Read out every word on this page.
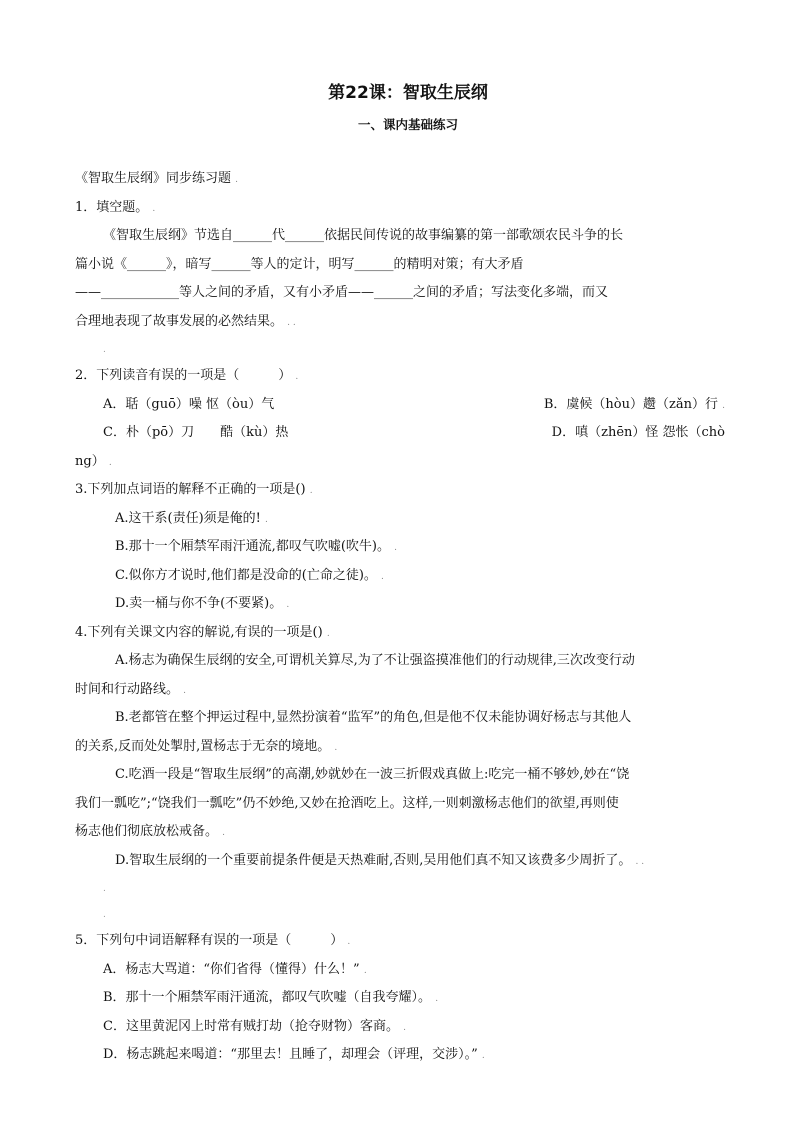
第22课：智取生辰纲
一、课内基础练习
《智取生辰纲》同步练习题 .
1．填空题。 .
《智取生辰纲》节选自______代______依据民间传说的故事编纂的第一部歌颂农民斗争的长
篇小说《______》，暗写______等人的定计，明写______的精明对策；有大矛盾
——____________等人之间的矛盾，又有小矛盾——______之间的矛盾；写法变化多端，而又
合理地表现了故事发展的必然结果。 . .
.
2．下列读音有误的一项是（　　　） .
A．聒（guō）噪 怄（òu）气	B．虞候（hòu）趱（zǎn）行 .
C．朴（pō）刀　　酷（kù）热	D．嗔（zhēn）怪 怨怅（chò
ng） .
3.下列加点词语的解释不正确的一项是() .
A.这干系(责任)须是俺的! .
B.那十一个厢禁军雨汗通流,都叹气吹嘘(吹牛)。 .
C.似你方才说时,他们都是没命的(亡命之徒)。 .
D.卖一桶与你不争(不要紧)。 .
4.下列有关课文内容的解说,有误的一项是() .
A.杨志为确保生辰纲的安全,可谓机关算尽,为了不让强盗摸准他们的行动规律,三次改变行动
时间和行动路线。 .
B.老都管在整个押运过程中,显然扮演着“监军”的角色,但是他不仅未能协调好杨志与其他人
的关系,反而处处掣肘,置杨志于无奈的境地。 .
C.吃酒一段是“智取生辰纲”的高潮,妙就妙在一波三折假戏真做上:吃完一桶不够妙,妙在“饶
我们一瓢吃”;“饶我们一瓢吃”仍不妙绝,又妙在抢酒吃上。这样,一则刺激杨志他们的欲望,再则使
杨志他们彻底放松戒备。 .
D.智取生辰纲的一个重要前提条件便是天热难耐,否则,吴用他们真不知又该费多少周折了。 . .
.
.
5．下列句中词语解释有误的一项是（　　　） .
A．杨志大骂道：“你们省得（懂得）什么！” .
B．那十一个厢禁军雨汗通流，都叹气吹嘘（自我夸耀）。 .
C．这里黄泥冈上时常有贼打劫（抢夺财物）客商。 .
D．杨志跳起来喝道：“那里去！且睡了，却理会（评理，交涉）。” .
